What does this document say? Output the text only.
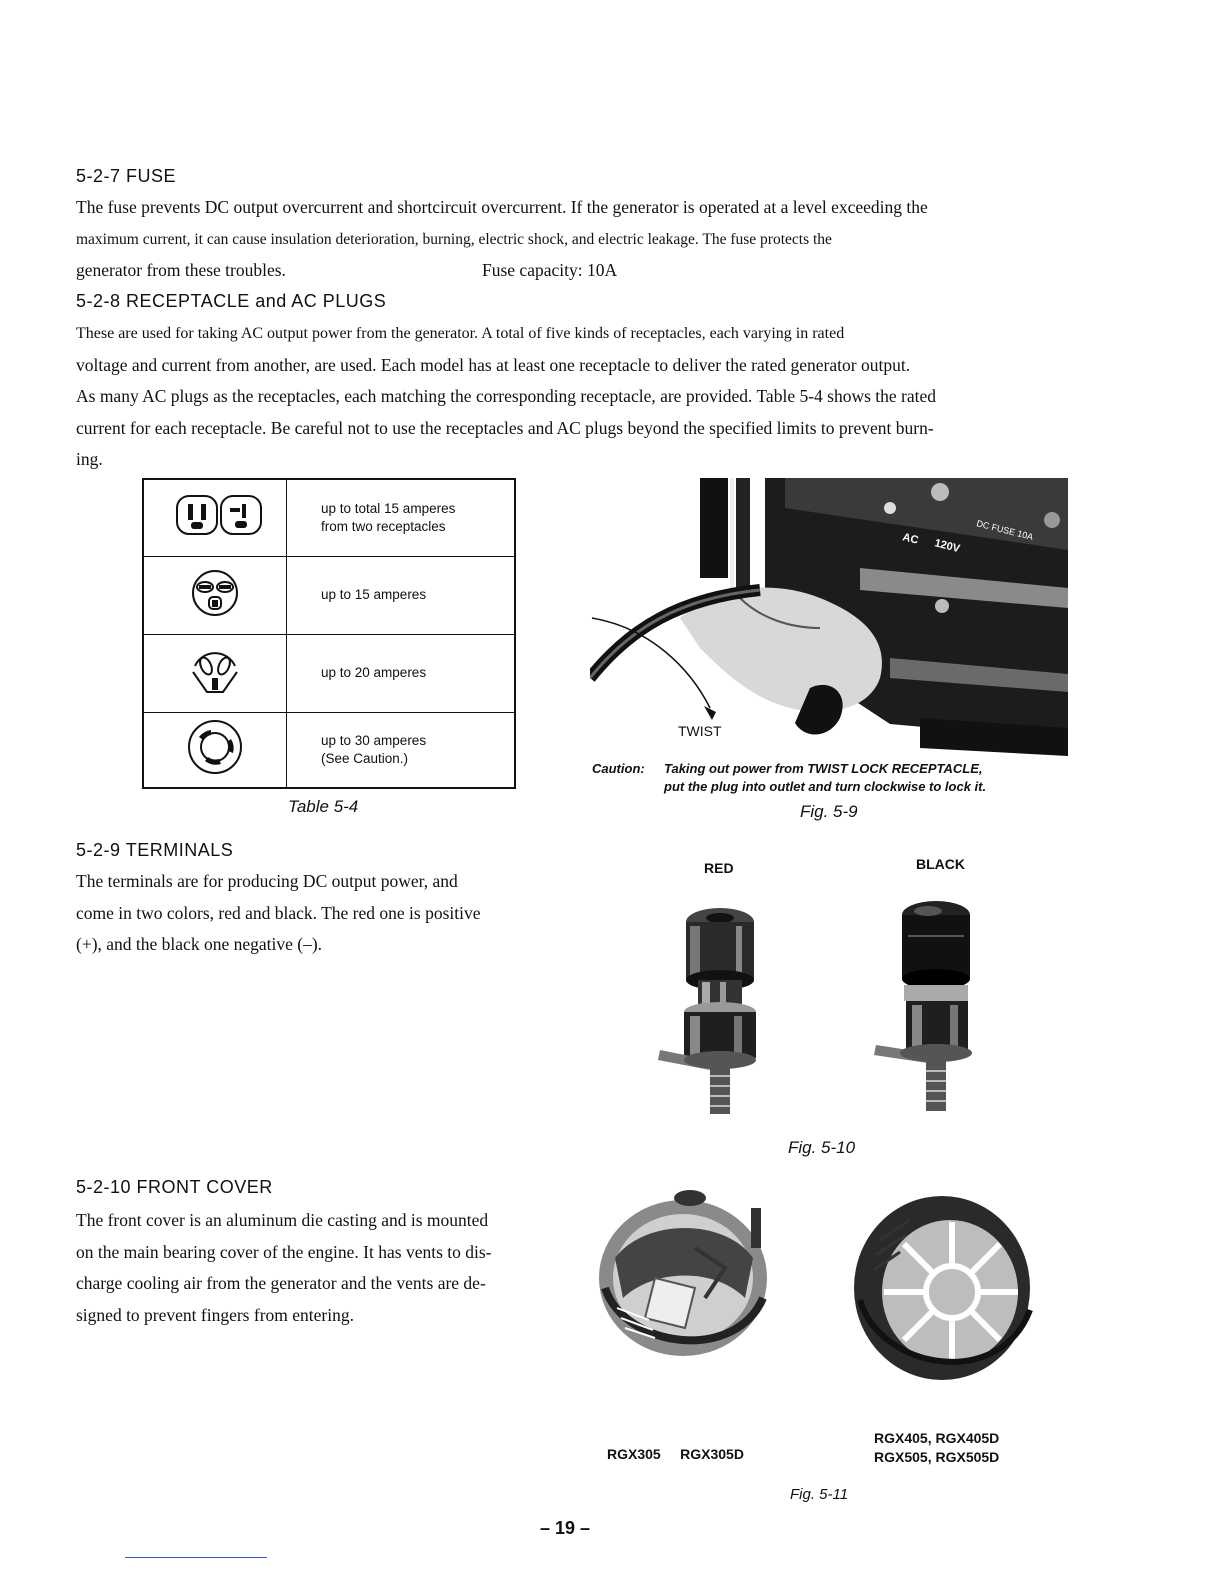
5-2-7 FUSE
The fuse prevents DC output overcurrent and shortcircuit overcurrent. If the generator is operated at a level exceeding the
maximum current, it can cause insulation deterioration, burning, electric shock, and electric leakage. The fuse protects the
generator from these troubles.	Fuse capacity: 10A
5-2-8 RECEPTACLE and AC PLUGS
These are used for taking AC output power from the generator. A total of five kinds of receptacles, each varying in rated
voltage and current from another, are used. Each model has at least one receptacle to deliver the rated generator output.
As many AC plugs as the receptacles, each matching the corresponding receptacle, are provided. Table 5-4 shows the rated
current for each receptacle. Be careful not to use the receptacles and AC plugs beyond the specified limits to prevent burn-
ing.

up to total 15 amperes
from two receptacles

up to 15 amperes

up to 20 amperes

up to 30 amperes
(See Caution.)
Table 5-4
AC 120V
DC FUSE 10A
TWIST
Caution: Taking out power from TWIST LOCK RECEPTACLE,
put the plug into outlet and turn clockwise to lock it.
Fig. 5-9
5-2-9 TERMINALS
The terminals are for producing DC output power, and
come in two colors, red and black. The red one is positive
(+), and the black one negative (–).
RED	BLACK
Fig. 5-10
5-2-10 FRONT COVER
The front cover is an aluminum die casting and is mounted
on the main bearing cover of the engine. It has vents to dis-
charge cooling air from the generator and the vents are de-
signed to prevent fingers from entering.
RGX305     RGX305D
RGX405, RGX405D
RGX505, RGX505D
Fig. 5-11
– 19 –
